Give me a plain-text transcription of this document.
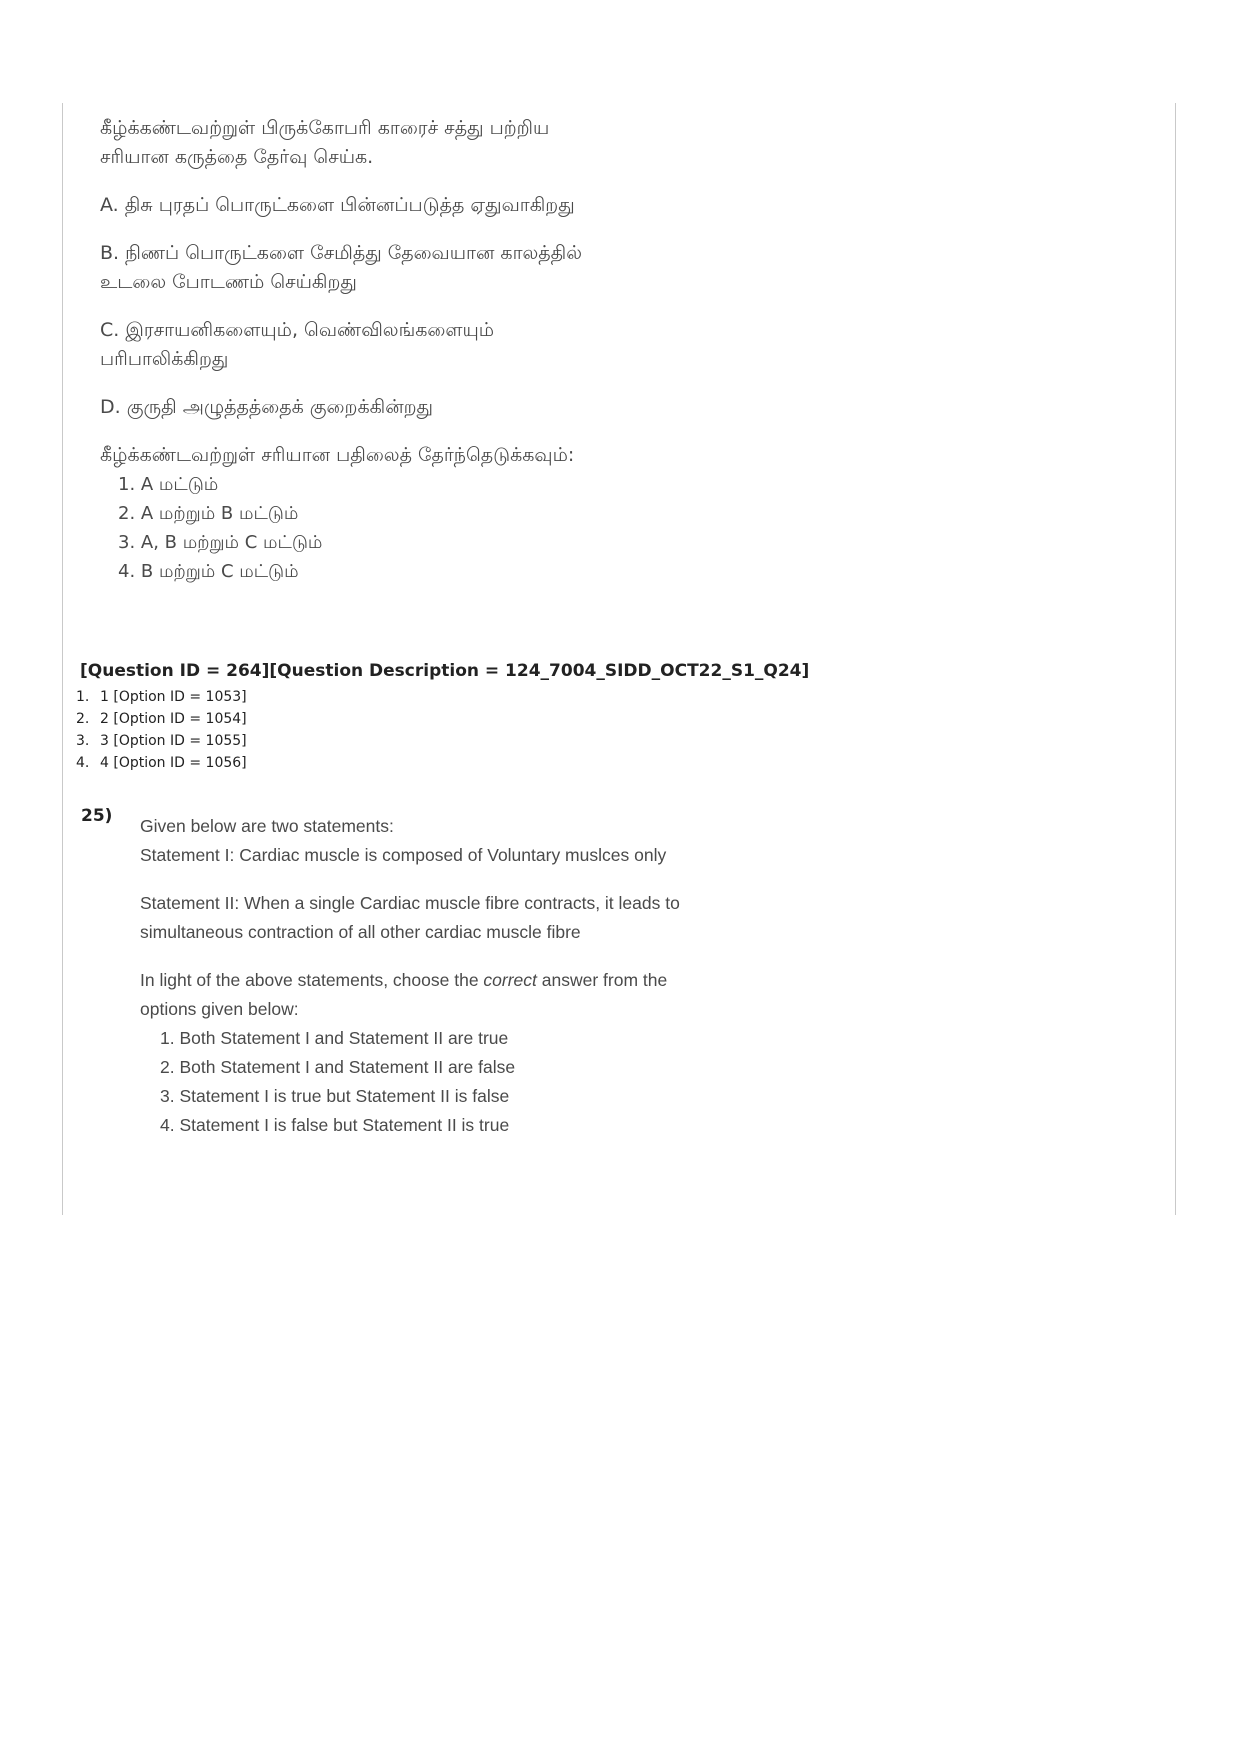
கீழ்க்கண்டவற்றுள் பிருக்கோபரி காரைச் சத்து பற்றிய
சரியான கருத்தை தேர்வு செய்க.

A. திசு புரதப் பொருட்களை பின்னப்படுத்த ஏதுவாகிறது

B. நிணப் பொருட்களை சேமித்து தேவையான காலத்தில்
உடலை போடணம் செய்கிறது

C. இரசாயனிகளையும், வெண்விலங்களையும்
பரிபாலிக்கிறது

D. குருதி அழுத்தத்தைக் குறைக்கின்றது

கீழ்க்கண்டவற்றுள் சரியான பதிலைத் தேர்ந்தெடுக்கவும்:

1. A மட்டும்
2. A மற்றும் B மட்டும்
3. A, B மற்றும் C மட்டும்
4. B மற்றும் C மட்டும்
[Question ID = 264][Question Description = 124_7004_SIDD_OCT22_S1_Q24]
1. 1 [Option ID = 1053]
2. 2 [Option ID = 1054]
3. 3 [Option ID = 1055]
4. 4 [Option ID = 1056]
25) Given below are two statements:

Statement I: Cardiac muscle is composed of Voluntary muslces only

Statement II: When a single Cardiac muscle fibre contracts, it leads to
simultaneous contraction of all other cardiac muscle fibre

In light of the above statements, choose the correct answer from the
options given below:

1. Both Statement I and Statement II are true
2. Both Statement I and Statement II are false
3. Statement I is true but Statement II is false
4. Statement I is false but Statement II is true
